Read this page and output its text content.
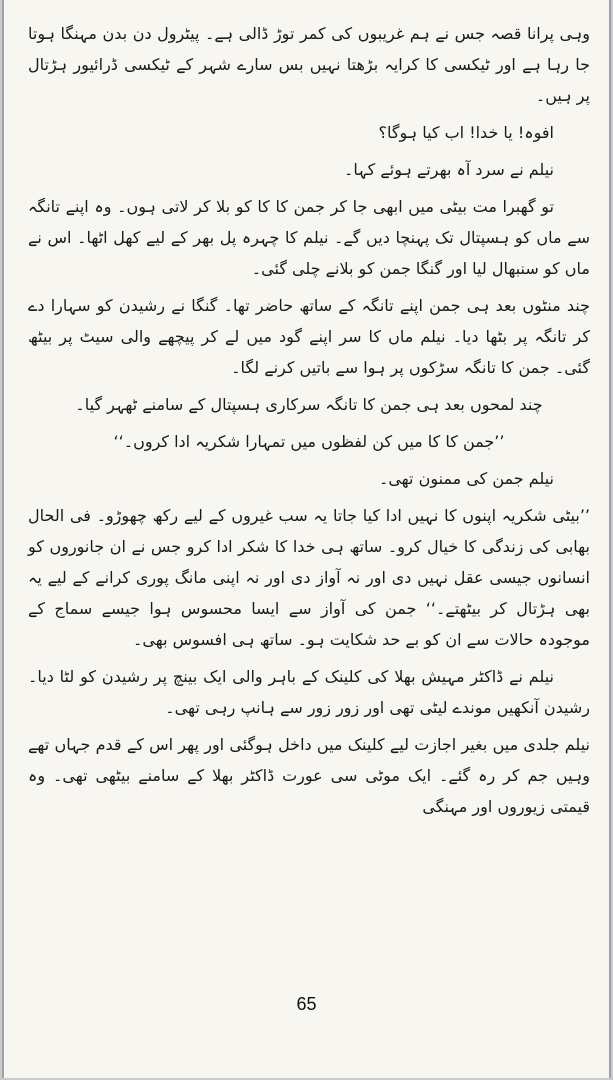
وہی پرانا قصہ جس نے ہم غریبوں کی کمر توڑ ڈالی ہے۔ پیٹرول دن بدن مہنگا ہوتا جا رہا ہے اور ٹیکسی کا کرایہ بڑھتا نہیں بس سارے شہر کے ٹیکسی ڈرائیور ہڑتال پر ہیں۔

افوہ! یا خدا! اب کیا ہوگا؟

نیلم نے سرد آہ بھرتے ہوئے کہا۔

تو گھبرا مت بیٹی میں ابھی جا کر جمن کا کا کو بلا کر لاتی ہوں۔ وہ اپنے تانگہ سے ماں کو ہسپتال تک پہنچا دیں گے۔ نیلم کا چہرہ پل بھر کے لیے کھل اٹھا۔ اس نے ماں کو سنبھال لیا اور گنگا جمن کو بلانے چلی گئی۔

چند منٹوں بعد ہی جمن اپنے تانگہ کے ساتھ حاضر تھا۔ گنگا نے رشیدن کو سہارا دے کر تانگہ پر بٹھا دیا۔ نیلم ماں کا سر اپنے گود میں لے کر پیچھے والی سیٹ پر بیٹھ گئی۔ جمن کا تانگہ سڑکوں پر ہوا سے باتیں کرنے لگا۔

چند لمحوں بعد ہی جمن کا تانگہ سرکاری ہسپتال کے سامنے ٹھہر گیا۔

’’جمن کا کا میں کن لفظوں میں تمہارا شکریہ ادا کروں۔‘‘

نیلم جمن کی ممنون تھی۔

’’بیٹی شکریہ اپنوں کا نہیں ادا کیا جاتا یہ سب غیروں کے لیے رکھ چھوڑو۔ فی الحال بھابی کی زندگی کا خیال کرو۔ ساتھ ہی خدا کا شکر ادا کرو جس نے ان جانوروں کو انسانوں جیسی عقل نہیں دی اور نہ آواز دی اور نہ اپنی مانگ پوری کرانے کے لیے یہ بھی ہڑتال کر بیٹھتے۔‘‘ جمن کی آواز سے ایسا محسوس ہوا جیسے سماج کے موجودہ حالات سے ان کو بے حد شکایت ہو۔ ساتھ ہی افسوس بھی۔

نیلم نے ڈاکٹر مہیش بھلا کی کلینک کے باہر والی ایک بینچ پر رشیدن کو لٹا دیا۔ رشیدن آنکھیں موندے لیٹی تھی اور زور زور سے ہانپ رہی تھی۔

نیلم جلدی میں بغیر اجازت لیے کلینک میں داخل ہوگئی اور پھر اس کے قدم جہاں تھے وہیں جم کر رہ گئے۔ ایک موٹی سی عورت ڈاکٹر بھلا کے سامنے بیٹھی تھی۔ وہ قیمتی زیوروں اور مہنگی

65
